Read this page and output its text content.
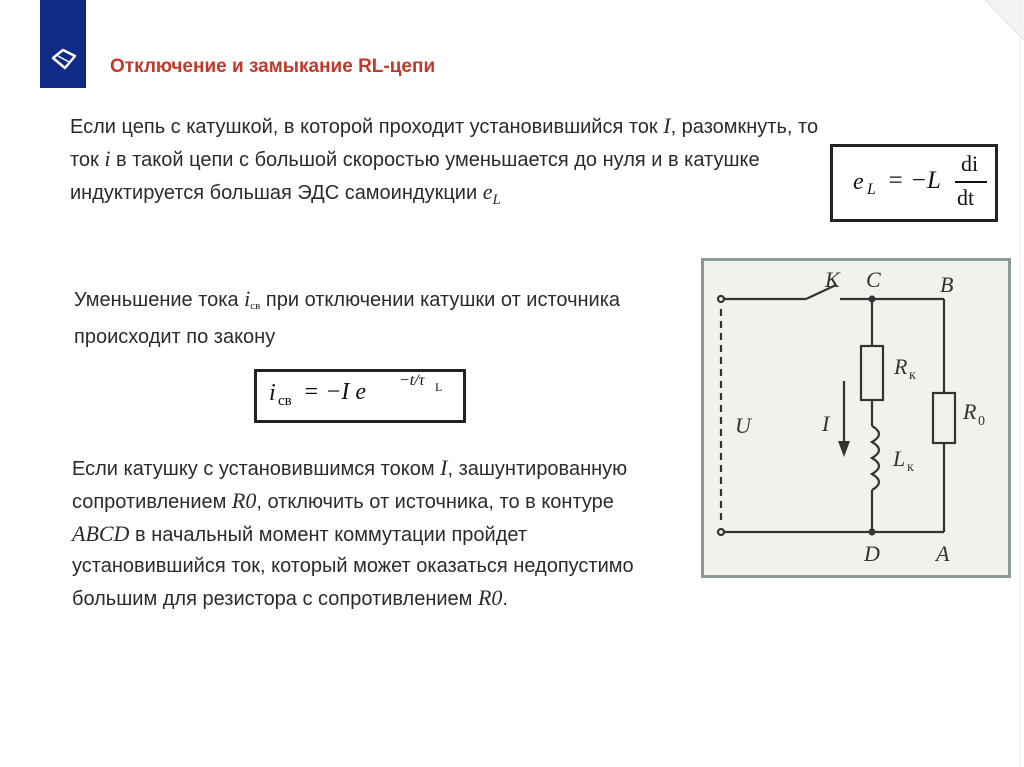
Отключение и замыкание RL-цепи
Если цепь с катушкой, в которой проходит установившийся ток I, разомкнуть, то ток i в такой цепи с большой скоростью уменьшается до нуля и в катушке индуктируется большая ЭДС самоиндукции $e_L$
e L = −L
di
dt
Уменьшение тока iсв при отключении катушки от источника происходит по закону
i св = −I e −t/τ L
Если катушку с установившимся током I, зашунтированную сопротивлением R0, отключить от источника, то в контуре ABCD в начальный момент коммутации пройдет установившийся ток, который может оказаться недопустимо большим для резистора с сопротивлением R0.
K C	B
R к
L к
R 0
U	I
D	A
